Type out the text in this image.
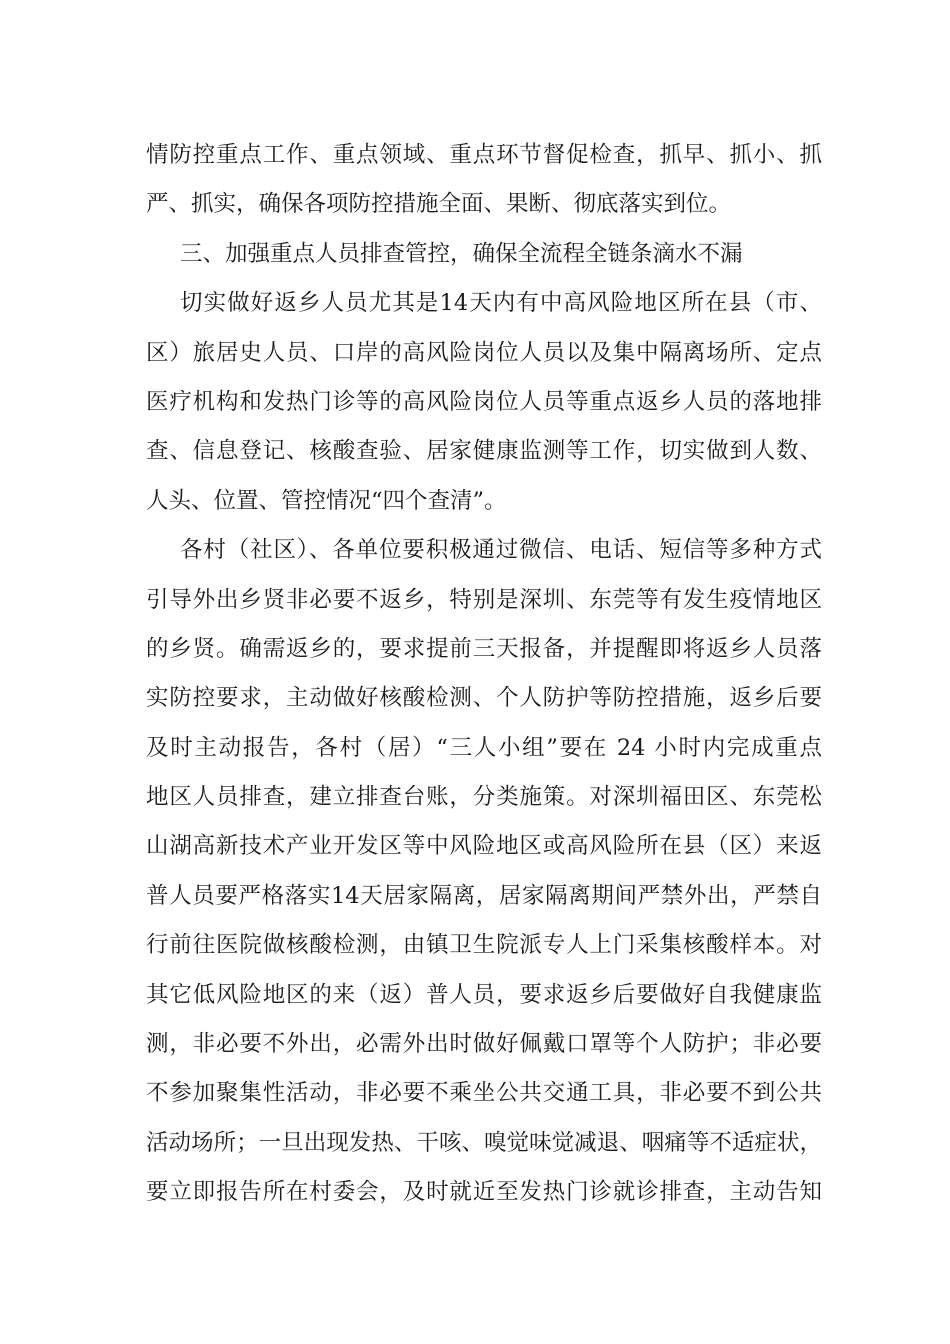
情防控重点工作、重点领域、重点环节督促检查，抓早、抓小、抓
严、抓实，确保各项防控措施全面、果断、彻底落实到位。
三、加强重点人员排查管控，确保全流程全链条滴水不漏
切实做好返乡人员尤其是14天内有中高风险地区所在县（市、
区）旅居史人员、口岸的高风险岗位人员以及集中隔离场所、定点
医疗机构和发热门诊等的高风险岗位人员等重点返乡人员的落地排
查、信息登记、核酸查验、居家健康监测等工作，切实做到人数、
人头、位置、管控情况“四个查清”。
各村（社区）、各单位要积极通过微信、电话、短信等多种方式
引导外出乡贤非必要不返乡，特别是深圳、东莞等有发生疫情地区
的乡贤。确需返乡的，要求提前三天报备，并提醒即将返乡人员落
实防控要求，主动做好核酸检测、个人防护等防控措施，返乡后要
及时主动报告，各村（居）“三人小组”要在 24 小时内完成重点
地区人员排查，建立排查台账，分类施策。对深圳福田区、东莞松
山湖高新技术产业开发区等中风险地区或高风险所在县（区）来返
普人员要严格落实14天居家隔离，居家隔离期间严禁外出，严禁自
行前往医院做核酸检测，由镇卫生院派专人上门采集核酸样本。对
其它低风险地区的来（返）普人员，要求返乡后要做好自我健康监
测，非必要不外出，必需外出时做好佩戴口罩等个人防护；非必要
不参加聚集性活动，非必要不乘坐公共交通工具，非必要不到公共
活动场所；一旦出现发热、干咳、嗅觉味觉减退、咽痛等不适症状，
要立即报告所在村委会，及时就近至发热门诊就诊排查，主动告知
